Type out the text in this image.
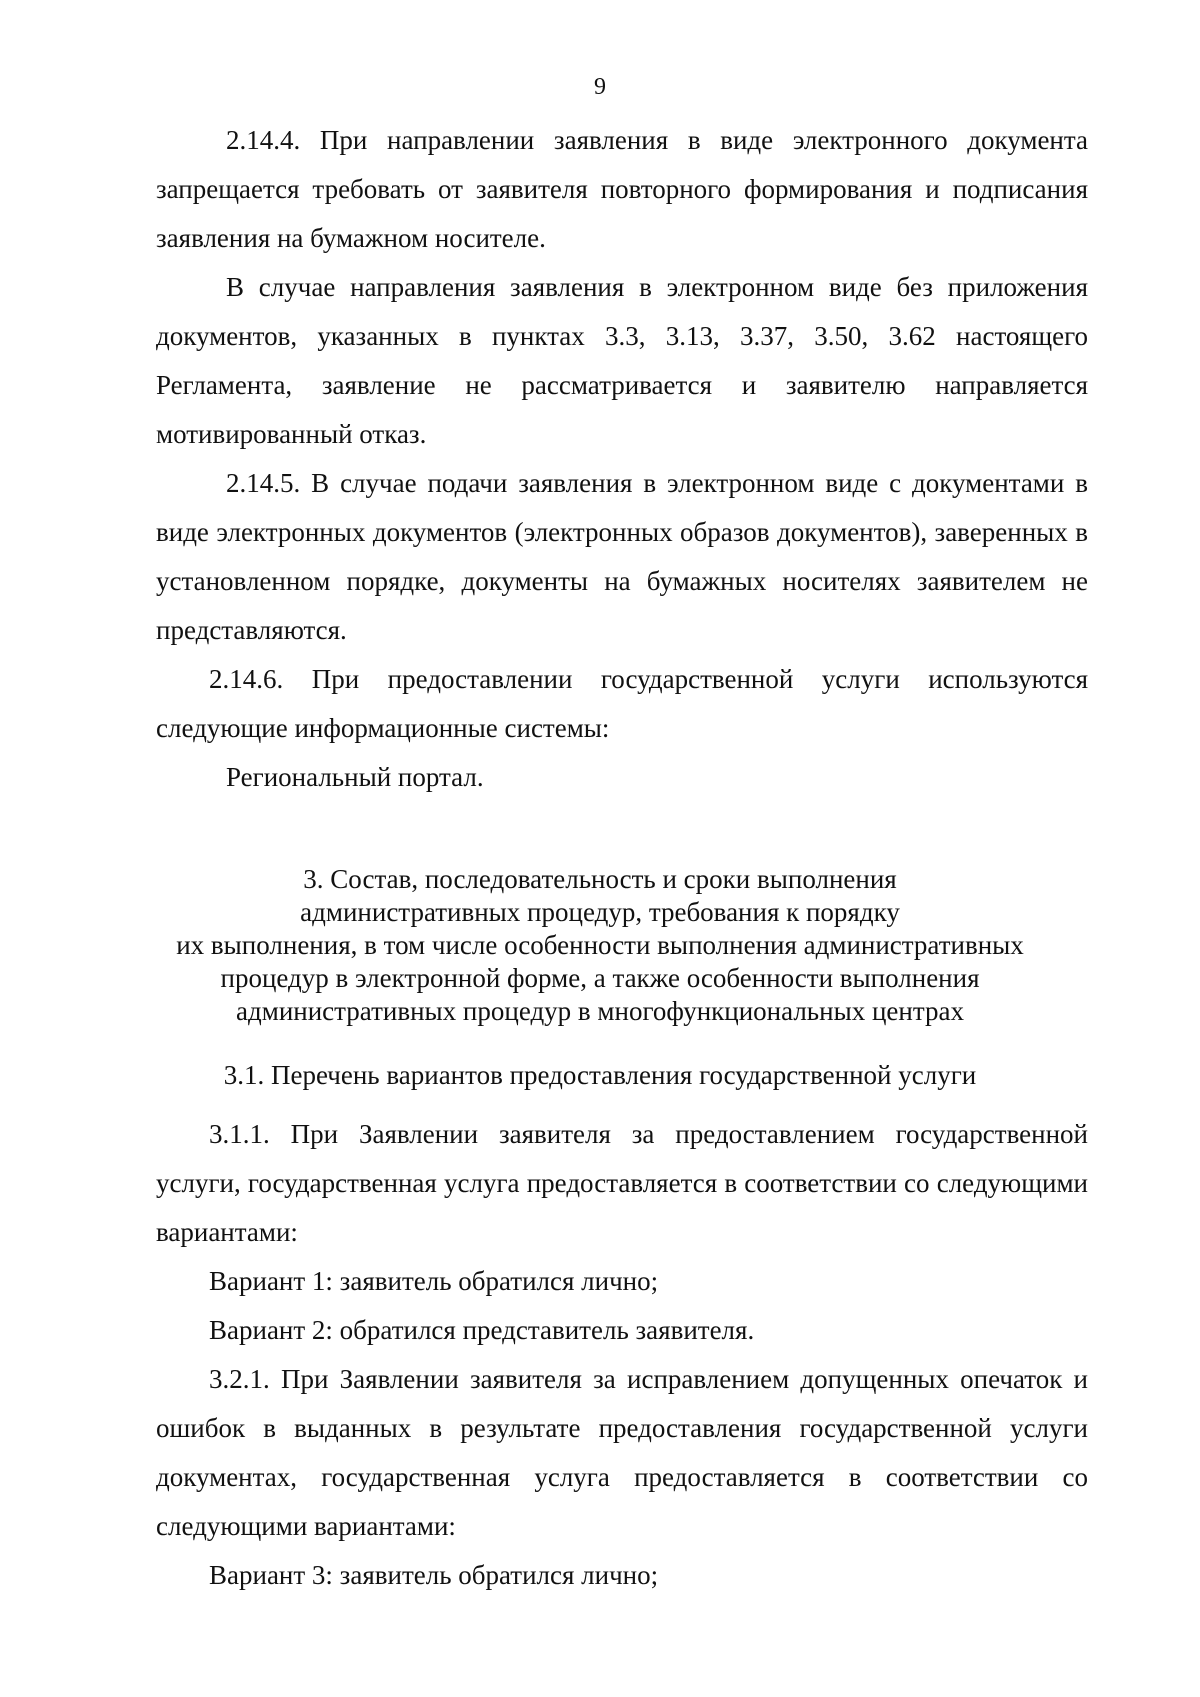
9

2.14.4. При направлении заявления в виде электронного документа запрещается требовать от заявителя повторного формирования и подписания заявления на бумажном носителе.

В случае направления заявления в электронном виде без приложения документов, указанных в пунктах 3.3, 3.13, 3.37, 3.50, 3.62 настоящего Регламента, заявление не рассматривается и заявителю направляется мотивированный отказ.

2.14.5. В случае подачи заявления в электронном виде с документами в виде электронных документов (электронных образов документов), заверенных в установленном порядке, документы на бумажных носителях заявителем не представляются.

2.14.6. При предоставлении государственной услуги используются следующие информационные системы:

Региональный портал.

3. Состав, последовательность и сроки выполнения
административных процедур, требования к порядку
их выполнения, в том числе особенности выполнения административных
процедур в электронной форме, а также особенности выполнения
административных процедур в многофункциональных центрах
3.1. Перечень вариантов предоставления государственной услуги

3.1.1. При Заявлении заявителя за предоставлением государственной услуги, государственная услуга предоставляется в соответствии со следующими вариантами:

Вариант 1: заявитель обратился лично;

Вариант 2: обратился представитель заявителя.

3.2.1. При Заявлении заявителя за исправлением допущенных опечаток и ошибок в выданных в результате предоставления государственной услуги документах, государственная услуга предоставляется в соответствии со следующими вариантами:

Вариант 3: заявитель обратился лично;
